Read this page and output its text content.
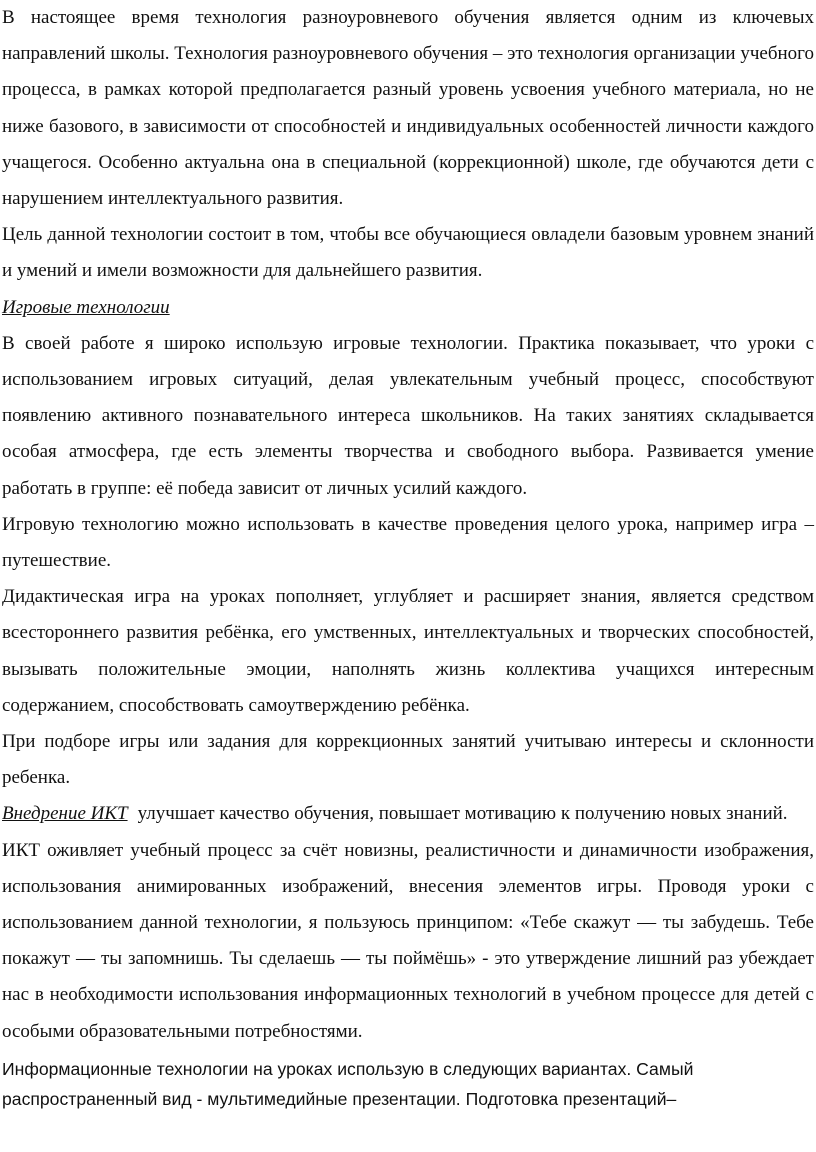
В настоящее время технология разноуровневого обучения является одним из ключевых направлений школы. Технология разноуровневого обучения – это технология организации учебного процесса, в рамках которой предполагается разный уровень усвоения учебного материала, но не ниже базового, в зависимости от способностей и индивидуальных особенностей личности каждого учащегося. Особенно актуальна она в специальной (коррекционной) школе, где обучаются дети с нарушением интеллектуального развития.

Цель данной технологии состоит в том, чтобы все обучающиеся овладели базовым уровнем знаний и умений и имели возможности для дальнейшего развития.

Игровые технологии

В своей работе я широко использую игровые технологии. Практика показывает, что уроки с использованием игровых ситуаций, делая увлекательным учебный процесс, способствуют появлению активного познавательного интереса школьников. На таких занятиях складывается особая атмосфера, где есть элементы творчества и свободного выбора. Развивается умение работать в группе: её победа зависит от личных усилий каждого.

Игровую технологию можно использовать в качестве проведения целого урока, например игра – путешествие.

Дидактическая игра на уроках пополняет, углубляет и расширяет знания, является средством всестороннего развития ребёнка, его умственных, интеллектуальных и творческих способностей, вызывать положительные эмоции, наполнять жизнь коллектива учащихся интересным содержанием, способствовать самоутверждению ребёнка.

При подборе игры или задания для коррекционных занятий учитываю интересы и склонности ребенка.

Внедрение ИКТ улучшает качество обучения, повышает мотивацию к получению новых знаний.

ИКТ оживляет учебный процесс за счёт новизны, реалистичности и динамичности изображения, использования анимированных изображений, внесения элементов игры. Проводя уроки с использованием данной технологии, я пользуюсь принципом: «Тебе скажут — ты забудешь. Тебе покажут — ты запомнишь. Ты сделаешь — ты поймёшь» - это утверждение лишний раз убеждает нас в необходимости использования информационных технологий в учебном процессе для детей с особыми образовательными потребностями.

Информационные технологии на уроках использую в следующих вариантах. Самый распространенный вид - мультимедийные презентации. Подготовка презентаций–
